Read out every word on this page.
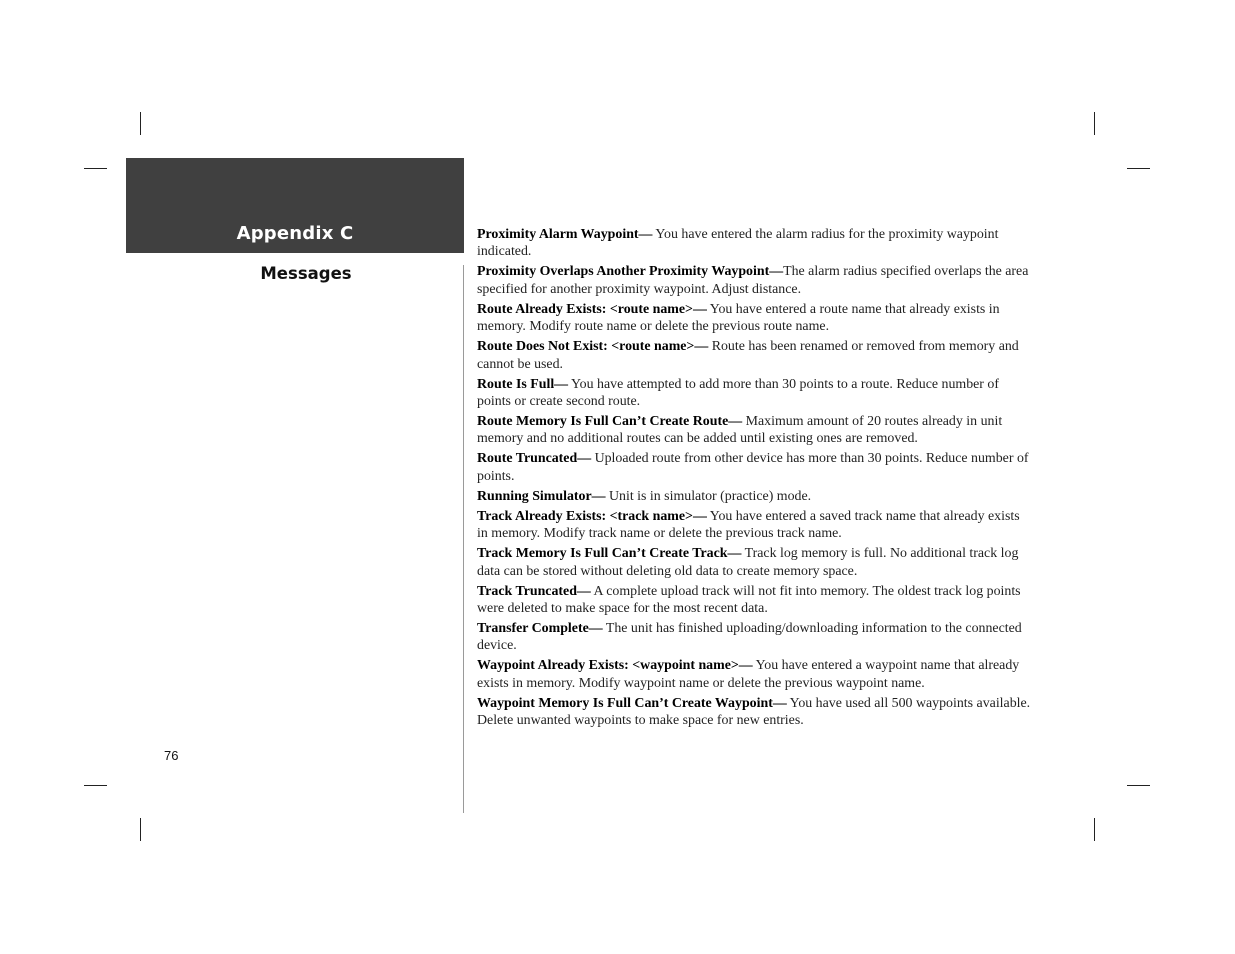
Appendix C
Messages

Proximity Alarm Waypoint— You have entered the alarm radius for the proximity waypoint indicated.

Proximity Overlaps Another Proximity Waypoint—The alarm radius specified overlaps the area specified for another proximity waypoint. Adjust distance.

Route Already Exists: <route name>— You have entered a route name that already exists in memory. Modify route name or delete the previous route name.

Route Does Not Exist: <route name>— Route has been renamed or removed from memory and cannot be used.

Route Is Full— You have attempted to add more than 30 points to a route. Reduce number of points or create second route.

Route Memory Is Full Can’t Create Route— Maximum amount of 20 routes already in unit memory and no additional routes can be added until existing ones are removed.

Route Truncated— Uploaded route from other device has more than 30 points. Reduce number of points.

Running Simulator— Unit is in simulator (practice) mode.

Track Already Exists: <track name>— You have entered a saved track name that already exists in memory. Modify track name or delete the previous track name.

Track Memory Is Full Can’t Create Track— Track log memory is full. No additional track log data can be stored without deleting old data to create memory space.

Track Truncated— A complete upload track will not fit into memory. The oldest track log points were deleted to make space for the most recent data.

Transfer Complete— The unit has finished uploading/downloading information to the connected device.

Waypoint Already Exists: <waypoint name>— You have entered a waypoint name that already exists in memory. Modify waypoint name or delete the previous waypoint name.

Waypoint Memory Is Full Can’t Create Waypoint— You have used all 500 waypoints available. Delete unwanted waypoints to make space for new entries.

76
